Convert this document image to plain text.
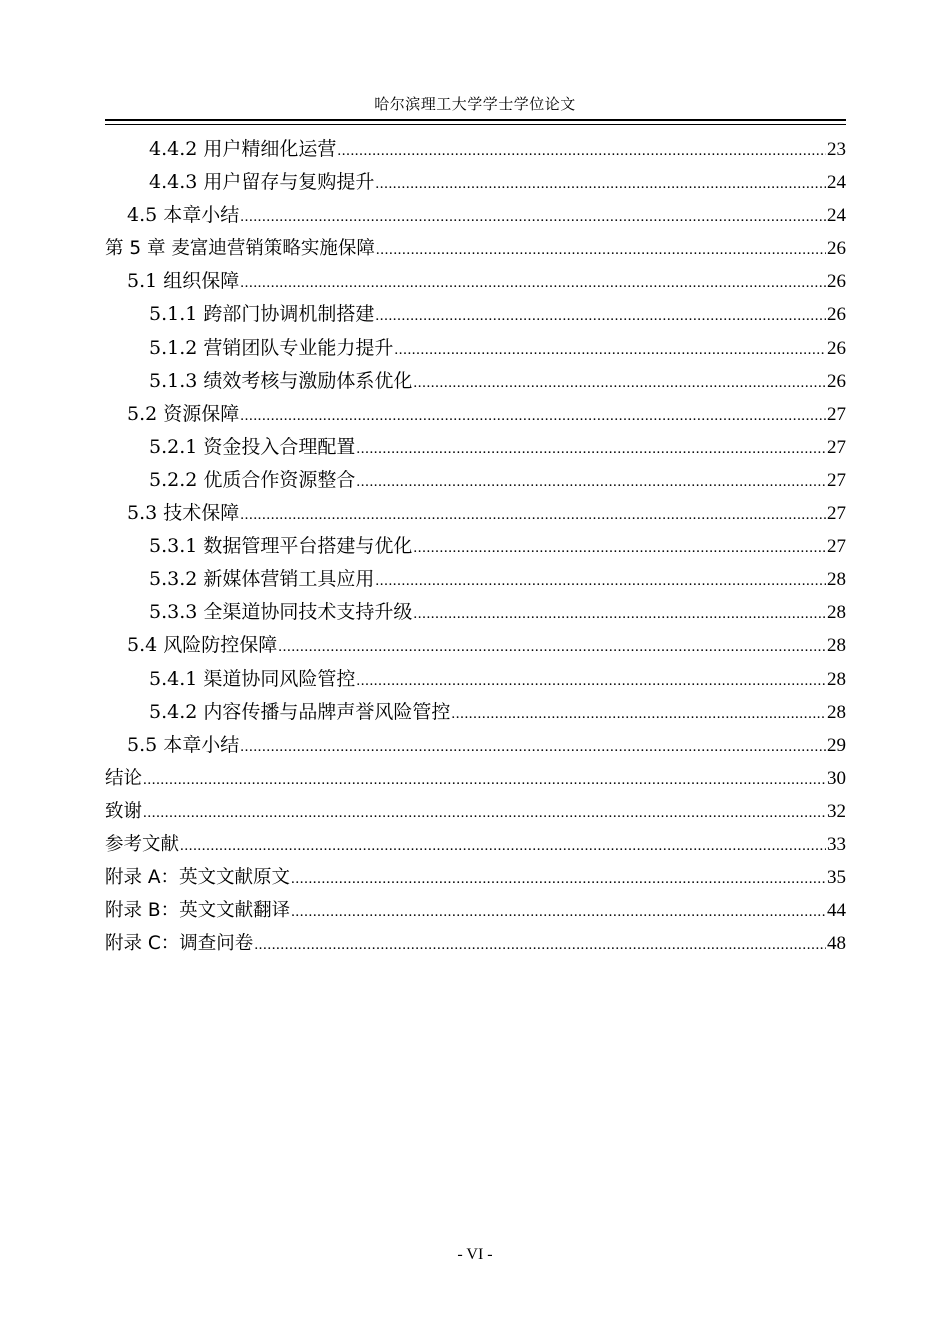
哈尔滨理工大学学士学位论文
4.4.2 用户精细化运营 .....	23
4.4.3 用户留存与复购提升 .....	24
4.5 本章小结 .....	24
第 5 章 麦富迪营销策略实施保障 .....	26
5.1 组织保障 .....	26
5.1.1 跨部门协调机制搭建 .....	26
5.1.2 营销团队专业能力提升 .....	26
5.1.3 绩效考核与激励体系优化 .....	26
5.2 资源保障 .....	27
5.2.1 资金投入合理配置 .....	27
5.2.2 优质合作资源整合 .....	27
5.3 技术保障 .....	27
5.3.1 数据管理平台搭建与优化 .....	27
5.3.2 新媒体营销工具应用 .....	28
5.3.3 全渠道协同技术支持升级 .....	28
5.4 风险防控保障 .....	28
5.4.1 渠道协同风险管控 .....	28
5.4.2 内容传播与品牌声誉风险管控 .....	28
5.5 本章小结 .....	29
结论 .....	30
致谢 .....	32
参考文献 .....	33
附录 A：英文文献原文 .....	35
附录 B：英文文献翻译 .....	44
附录 C：调查问卷 .....	48
- VI -
